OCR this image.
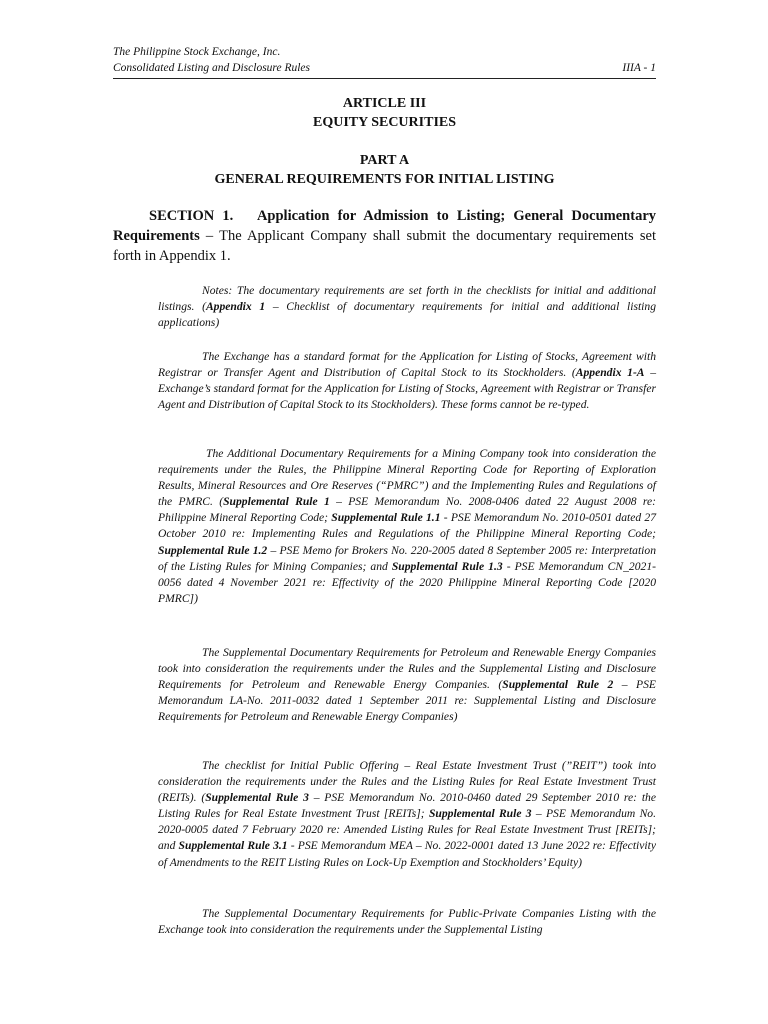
The Philippine Stock Exchange, Inc.
Consolidated Listing and Disclosure Rules	IIIA - 1
ARTICLE III
EQUITY SECURITIES
PART A
GENERAL REQUIREMENTS FOR INITIAL LISTING

SECTION 1.   Application for Admission to Listing; General Documentary Requirements – The Applicant Company shall submit the documentary requirements set forth in Appendix 1.

Notes: The documentary requirements are set forth in the checklists for initial and additional listings. (Appendix 1 – Checklist of documentary requirements for initial and additional listing applications)

The Exchange has a standard format for the Application for Listing of Stocks, Agreement with Registrar or Transfer Agent and Distribution of Capital Stock to its Stockholders. (Appendix 1-A – Exchange’s standard format for the Application for Listing of Stocks, Agreement with Registrar or Transfer Agent and Distribution of Capital Stock to its Stockholders). These forms cannot be re-typed.

The Additional Documentary Requirements for a Mining Company took into consideration the requirements under the Rules, the Philippine Mineral Reporting Code for Reporting of Exploration Results, Mineral Resources and Ore Reserves (“PMRC”) and the Implementing Rules and Regulations of the PMRC. (Supplemental Rule 1 – PSE Memorandum No. 2008-0406 dated 22 August 2008 re: Philippine Mineral Reporting Code; Supplemental Rule 1.1 - PSE Memorandum No. 2010-0501 dated 27 October 2010 re: Implementing Rules and Regulations of the Philippine Mineral Reporting Code; Supplemental Rule 1.2 – PSE Memo for Brokers No. 220-2005 dated 8 September 2005 re: Interpretation of the Listing Rules for Mining Companies; and Supplemental Rule 1.3 - PSE Memorandum CN_2021-0056 dated 4 November 2021 re: Effectivity of the 2020 Philippine Mineral Reporting Code [2020 PMRC])

The Supplemental Documentary Requirements for Petroleum and Renewable Energy Companies took into consideration the requirements under the Rules and the Supplemental Listing and Disclosure Requirements for Petroleum and Renewable Energy Companies. (Supplemental Rule 2 – PSE Memorandum LA-No. 2011-0032 dated 1 September 2011 re: Supplemental Listing and Disclosure Requirements for Petroleum and Renewable Energy Companies)

The checklist for Initial Public Offering – Real Estate Investment Trust (”REIT”) took into consideration the requirements under the Rules and the Listing Rules for Real Estate Investment Trust (REITs). (Supplemental Rule 3 – PSE Memorandum No. 2010-0460 dated 29 September 2010 re: the Listing Rules for Real Estate Investment Trust [REITs]; Supplemental Rule 3 – PSE Memorandum No. 2020-0005 dated 7 February 2020 re: Amended Listing Rules for Real Estate Investment Trust [REITs]; and Supplemental Rule 3.1 - PSE Memorandum MEA – No. 2022-0001 dated 13 June 2022 re: Effectivity of Amendments to the REIT Listing Rules on Lock-Up Exemption and Stockholders’ Equity)

The Supplemental Documentary Requirements for Public-Private Companies Listing with the Exchange took into consideration the requirements under the Supplemental Listing
